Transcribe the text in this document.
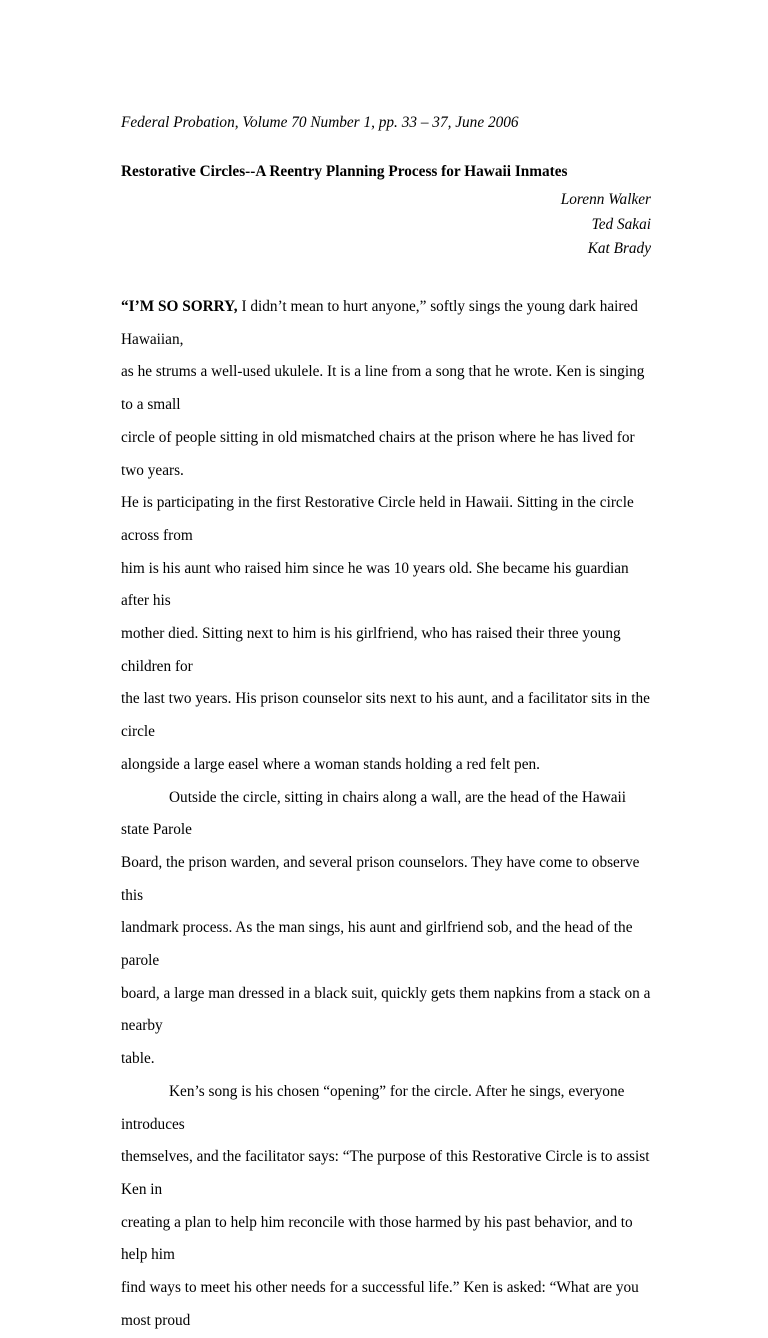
Federal Probation, Volume 70 Number 1, pp. 33 – 37, June 2006
Restorative Circles--A Reentry Planning Process for Hawaii Inmates
Lorenn Walker
Ted Sakai
Kat Brady

“I’M SO SORRY, I didn’t mean to hurt anyone,” softly sings the young dark haired Hawaiian,
as he strums a well-used ukulele. It is a line from a song that he wrote. Ken is singing to a small
circle of people sitting in old mismatched chairs at the prison where he has lived for two years.
He is participating in the first Restorative Circle held in Hawaii. Sitting in the circle across from
him is his aunt who raised him since he was 10 years old. She became his guardian after his
mother died. Sitting next to him is his girlfriend, who has raised their three young children for
the last two years. His prison counselor sits next to his aunt, and a facilitator sits in the circle
alongside a large easel where a woman stands holding a red felt pen.

Outside the circle, sitting in chairs along a wall, are the head of the Hawaii state Parole
Board, the prison warden, and several prison counselors. They have come to observe this
landmark process. As the man sings, his aunt and girlfriend sob, and the head of the parole
board, a large man dressed in a black suit, quickly gets them napkins from a stack on a nearby
table.

Ken’s song is his chosen “opening” for the circle. After he sings, everyone introduces
themselves, and the facilitator says: “The purpose of this Restorative Circle is to assist Ken in
creating a plan to help him reconcile with those harmed by his past behavior, and to help him
find ways to meet his other needs for a successful life.” Ken is asked: “What are you most proud
